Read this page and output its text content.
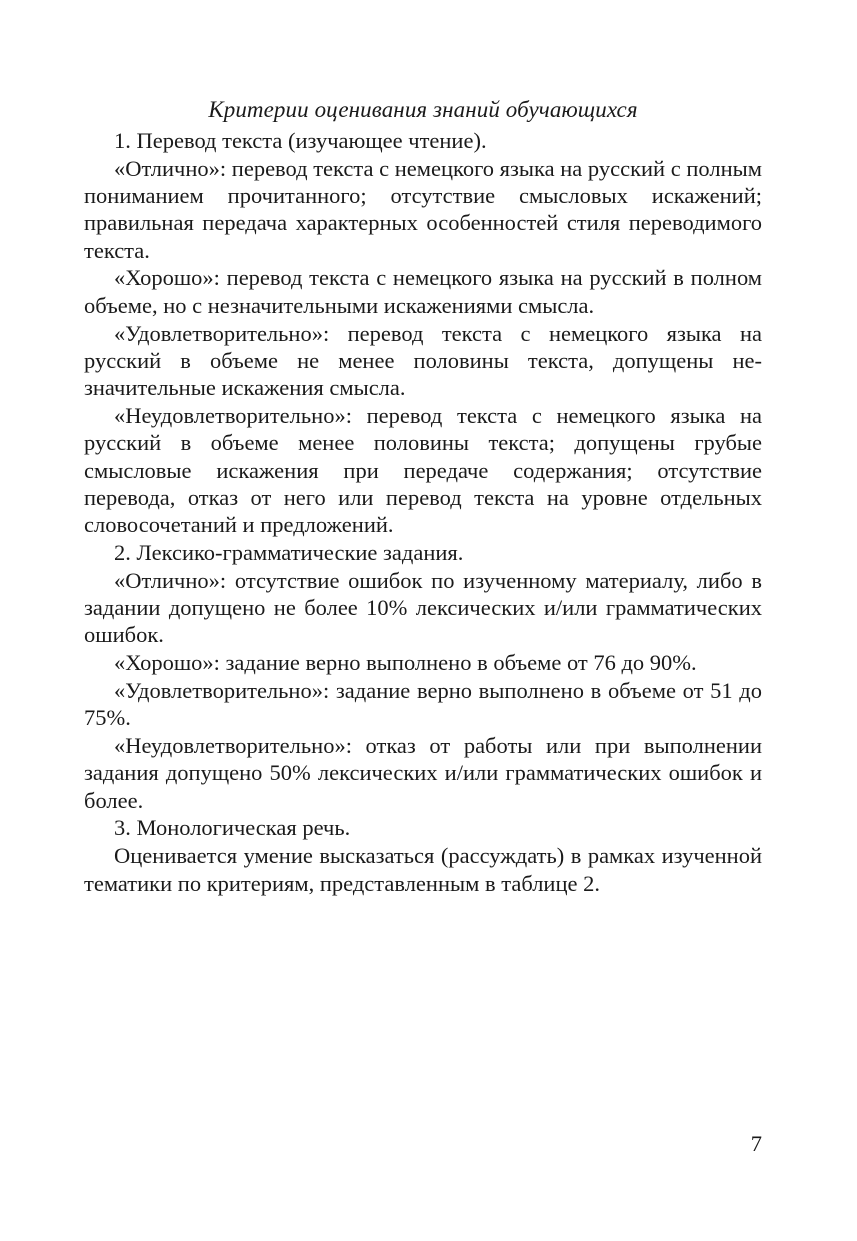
Критерии оценивания знаний обучающихся

1. Перевод текста (изучающее чтение).

«Отлично»: перевод текста с немецкого языка на русский с полным пониманием прочитанного; отсутствие смысловых искажений; правильная передача характерных особенностей стиля переводимого текста.

«Хорошо»: перевод текста с немецкого языка на русский в полном объеме, но с незначительными искажениями смысла.

«Удовлетворительно»: перевод текста с немецкого языка на русский в объеме не менее половины текста, допущены незначительные искажения смысла.

«Неудовлетворительно»: перевод текста с немецкого языка на русский в объеме менее половины текста; допущены грубые смысловые искажения при передаче содержания; отсутствие перевода, отказ от него или перевод текста на уровне отдельных словосочетаний и предложений.

2. Лексико-грамматические задания.

«Отлично»: отсутствие ошибок по изученному материалу, либо в задании допущено не более 10% лексических и/или грамматических ошибок.

«Хорошо»: задание верно выполнено в объеме от 76 до 90%.

«Удовлетворительно»: задание верно выполнено в объеме от 51 до 75%.

«Неудовлетворительно»: отказ от работы или при выполнении задания допущено 50% лексических и/или грамматических ошибок и более.

3. Монологическая речь.

Оценивается умение высказаться (рассуждать) в рамках изученной тематики по критериям, представленным в таблице 2.

7
